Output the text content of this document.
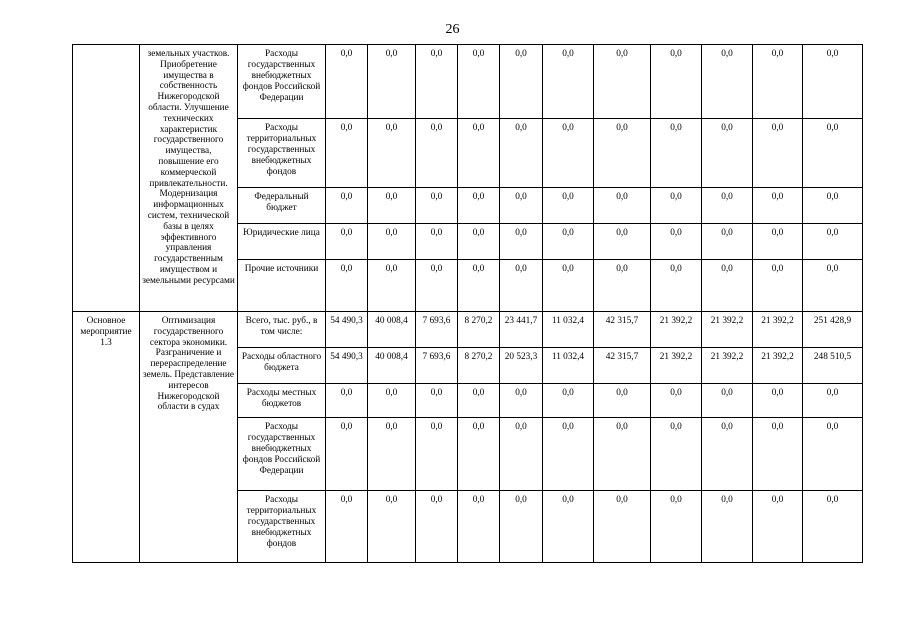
26
	земельных участков. Приобретение имущества в собственность Нижегородской области. Улучшение технических характеристик государственного имущества, повышение его коммерческой привлекательности. Модернизация информационных систем, технической базы в целях эффективного управления государственным имуществом и земельными ресурсами	Расходы государственных внебюджетных фондов Российской Федерации	0,0	0,0	0,0	0,0	0,0	0,0	0,0	0,0	0,0	0,0	0,0
		Расходы территориальных государственных внебюджетных фондов	0,0	0,0	0,0	0,0	0,0	0,0	0,0	0,0	0,0	0,0	0,0
		Федеральный бюджет	0,0	0,0	0,0	0,0	0,0	0,0	0,0	0,0	0,0	0,0	0,0
		Юридические лица	0,0	0,0	0,0	0,0	0,0	0,0	0,0	0,0	0,0	0,0	0,0
		Прочие источники	0,0	0,0	0,0	0,0	0,0	0,0	0,0	0,0	0,0	0,0	0,0
Основное мероприятие 1.3	Оптимизация государственного сектора экономики. Разграничение и перераспределение земель. Представление интересов Нижегородской области в судах	Всего, тыс. руб., в том числе:	54 490,3	40 008,4	7 693,6	8 270,2	23 441,7	11 032,4	42 315,7	21 392,2	21 392,2	21 392,2	251 428,9
		Расходы областного бюджета	54 490,3	40 008,4	7 693,6	8 270,2	20 523,3	11 032,4	42 315,7	21 392,2	21 392,2	21 392,2	248 510,5
		Расходы местных бюджетов	0,0	0,0	0,0	0,0	0,0	0,0	0,0	0,0	0,0	0,0	0,0
		Расходы государственных внебюджетных фондов Российской Федерации	0,0	0,0	0,0	0,0	0,0	0,0	0,0	0,0	0,0	0,0	0,0
		Расходы территориальных государственных внебюджетных фондов	0,0	0,0	0,0	0,0	0,0	0,0	0,0	0,0	0,0	0,0	0,0
